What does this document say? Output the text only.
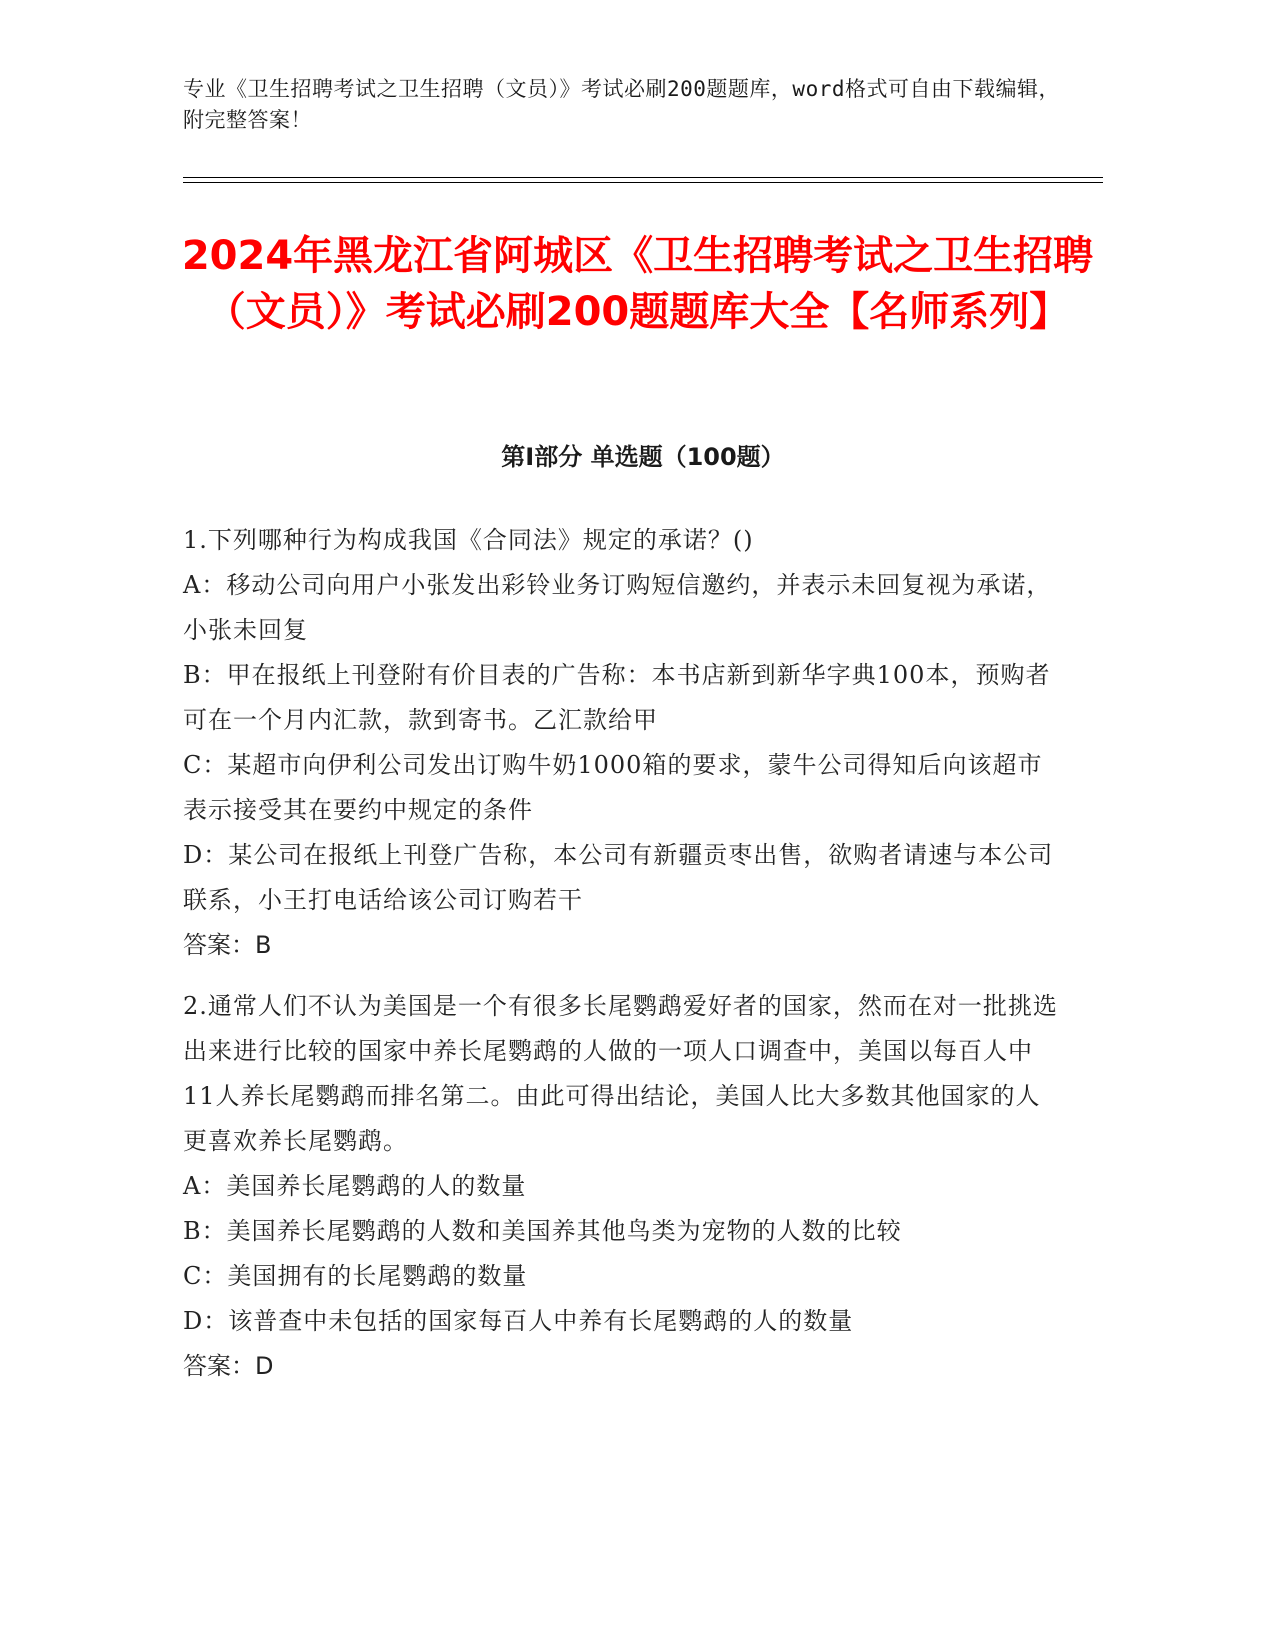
专业《卫生招聘考试之卫生招聘（文员）》考试必刷200题题库，word格式可自由下载编辑，附完整答案！
2024年黑龙江省阿城区《卫生招聘考试之卫生招聘（文员）》考试必刷200题题库大全【名师系列】
第I部分 单选题（100题）

1.下列哪种行为构成我国《合同法》规定的承诺？()

A：移动公司向用户小张发出彩铃业务订购短信邀约，并表示未回复视为承诺，小张未回复

B：甲在报纸上刊登附有价目表的广告称：本书店新到新华字典100本，预购者可在一个月内汇款，款到寄书。乙汇款给甲

C：某超市向伊利公司发出订购牛奶1000箱的要求，蒙牛公司得知后向该超市表示接受其在要约中规定的条件

D：某公司在报纸上刊登广告称，本公司有新疆贡枣出售，欲购者请速与本公司联系，小王打电话给该公司订购若干

答案：B

2.通常人们不认为美国是一个有很多长尾鹦鹉爱好者的国家，然而在对一批挑选出来进行比较的国家中养长尾鹦鹉的人做的一项人口调查中，美国以每百人中11人养长尾鹦鹉而排名第二。由此可得出结论，美国人比大多数其他国家的人更喜欢养长尾鹦鹉。

A：美国养长尾鹦鹉的人的数量

B：美国养长尾鹦鹉的人数和美国养其他鸟类为宠物的人数的比较

C：美国拥有的长尾鹦鹉的数量

D：该普查中未包括的国家每百人中养有长尾鹦鹉的人的数量

答案：D
